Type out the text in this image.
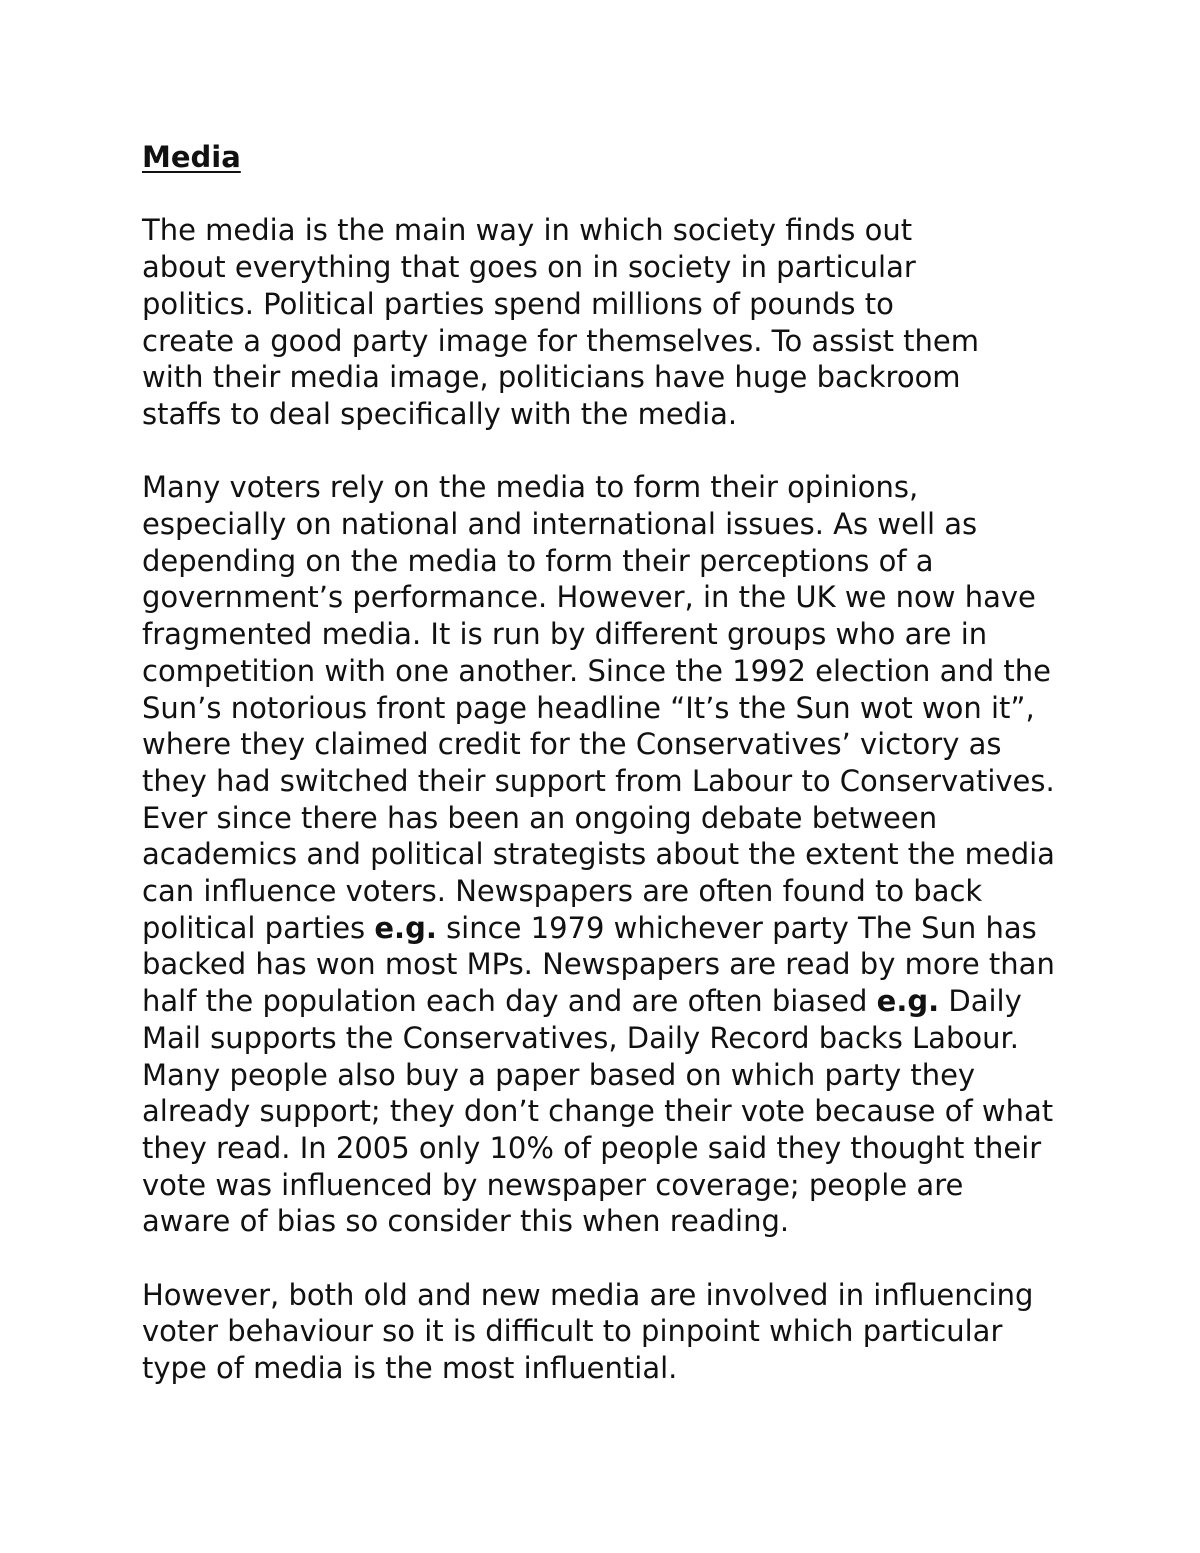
Media
The media is the main way in which society finds out
about everything that goes on in society in particular
politics. Political parties spend millions of pounds to
create a good party image for themselves. To assist them
with their media image, politicians have huge backroom
staffs to deal specifically with the media.
Many voters rely on the media to form their opinions,
especially on national and international issues. As well as
depending on the media to form their perceptions of a
government’s performance. However, in the UK we now have
fragmented media. It is run by different groups who are in
competition with one another. Since the 1992 election and the
Sun’s notorious front page headline “It’s the Sun wot won it”,
where they claimed credit for the Conservatives’ victory as
they had switched their support from Labour to Conservatives.
Ever since there has been an ongoing debate between
academics and political strategists about the extent the media
can influence voters. Newspapers are often found to back
political parties e.g. since 1979 whichever party The Sun has
backed has won most MPs. Newspapers are read by more than
half the population each day and are often biased e.g. Daily
Mail supports the Conservatives, Daily Record backs Labour.
Many people also buy a paper based on which party they
already support; they don’t change their vote because of what
they read. In 2005 only 10% of people said they thought their
vote was influenced by newspaper coverage; people are
aware of bias so consider this when reading.
However, both old and new media are involved in influencing
voter behaviour so it is difficult to pinpoint which particular
type of media is the most influential.
